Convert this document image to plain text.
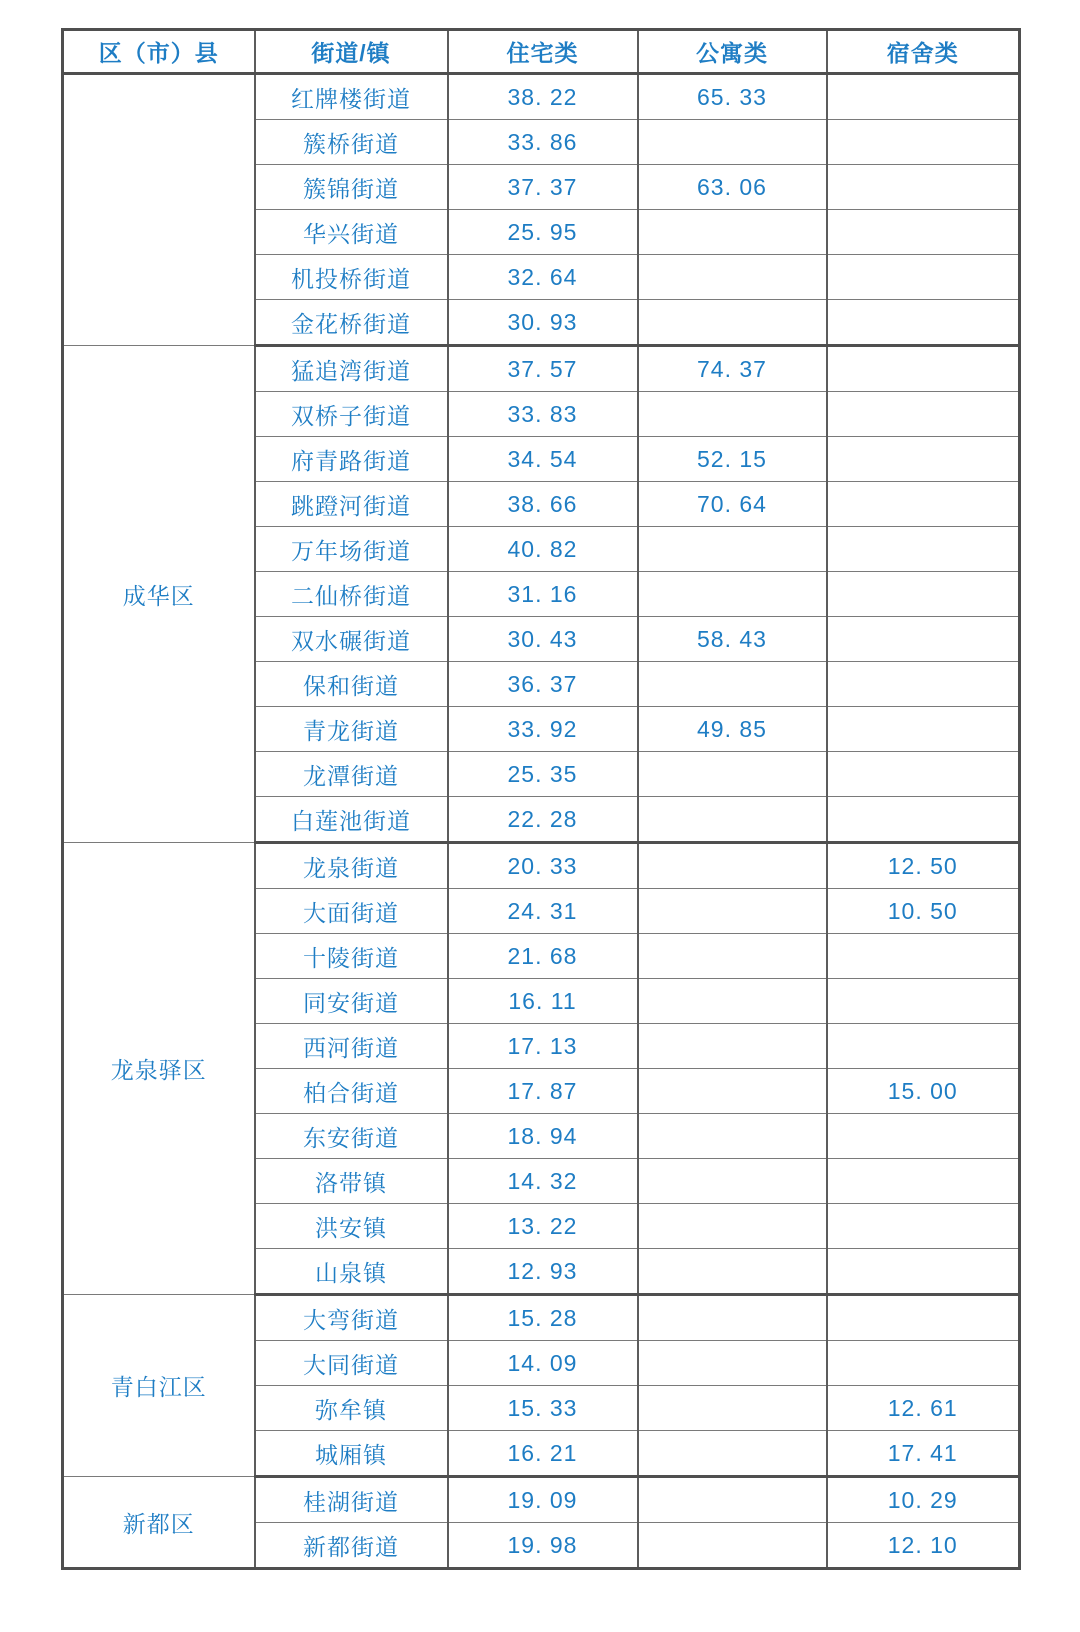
区（市）县	街道/镇	住宅类	公寓类	宿舍类
	红牌楼街道	38. 22	65. 33	
	簇桥街道	33. 86		
	簇锦街道	37. 37	63. 06	
	华兴街道	25. 95		
	机投桥街道	32. 64		
	金花桥街道	30. 93		
成华区	猛追湾街道	37. 57	74. 37	
	双桥子街道	33. 83		
	府青路街道	34. 54	52. 15	
	跳蹬河街道	38. 66	70. 64	
	万年场街道	40. 82		
	二仙桥街道	31. 16		
	双水碾街道	30. 43	58. 43	
	保和街道	36. 37		
	青龙街道	33. 92	49. 85	
	龙潭街道	25. 35		
	白莲池街道	22. 28		
龙泉驿区	龙泉街道	20. 33		12. 50
	大面街道	24. 31		10. 50
	十陵街道	21. 68		
	同安街道	16. 11		
	西河街道	17. 13		
	柏合街道	17. 87		15. 00
	东安街道	18. 94		
	洛带镇	14. 32		
	洪安镇	13. 22		
	山泉镇	12. 93		
青白江区	大弯街道	15. 28		
	大同街道	14. 09		
	弥牟镇	15. 33		12. 61
	城厢镇	16. 21		17. 41
新都区	桂湖街道	19. 09		10. 29
	新都街道	19. 98		12. 10
